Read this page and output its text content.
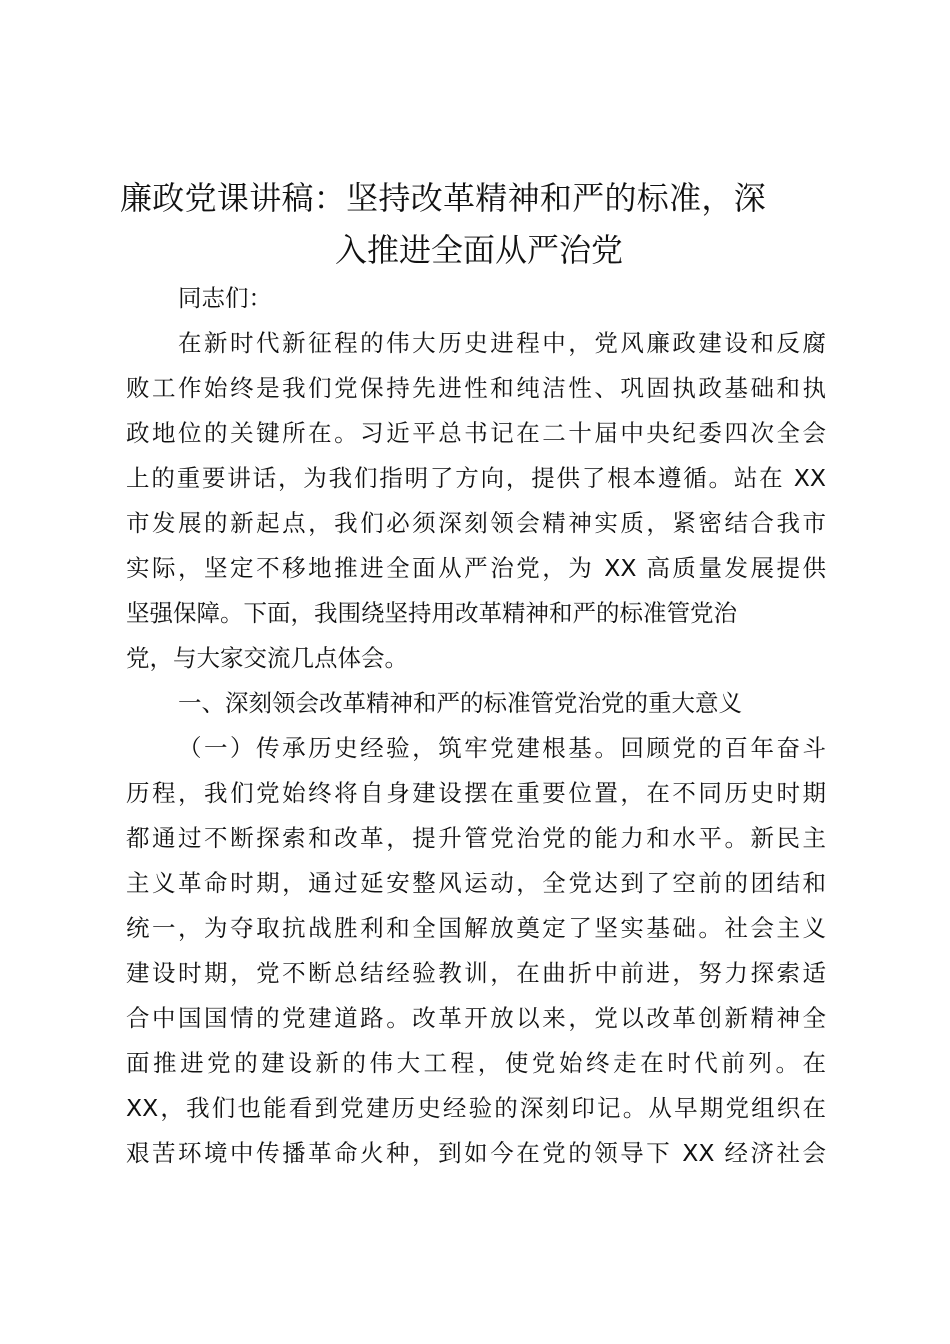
廉政党课讲稿：坚持改革精神和严的标准，深
入推进全面从严治党
同志们：
在新时代新征程的伟大历史进程中，党风廉政建设和反腐
败工作始终是我们党保持先进性和纯洁性、巩固执政基础和执
政地位的关键所在。习近平总书记在二十届中央纪委四次全会
上的重要讲话，为我们指明了方向，提供了根本遵循。站在 XX
市发展的新起点，我们必须深刻领会精神实质，紧密结合我市
实际，坚定不移地推进全面从严治党，为 XX 高质量发展提供
坚强保障。下面，我围绕坚持用改革精神和严的标准管党治
党，与大家交流几点体会。
一、深刻领会改革精神和严的标准管党治党的重大意义
（一）传承历史经验，筑牢党建根基。回顾党的百年奋斗
历程，我们党始终将自身建设摆在重要位置，在不同历史时期
都通过不断探索和改革，提升管党治党的能力和水平。新民主
主义革命时期，通过延安整风运动，全党达到了空前的团结和
统一，为夺取抗战胜利和全国解放奠定了坚实基础。社会主义
建设时期，党不断总结经验教训，在曲折中前进，努力探索适
合中国国情的党建道路。改革开放以来，党以改革创新精神全
面推进党的建设新的伟大工程，使党始终走在时代前列。在
XX，我们也能看到党建历史经验的深刻印记。从早期党组织在
艰苦环境中传播革命火种，到如今在党的领导下 XX 经济社会
